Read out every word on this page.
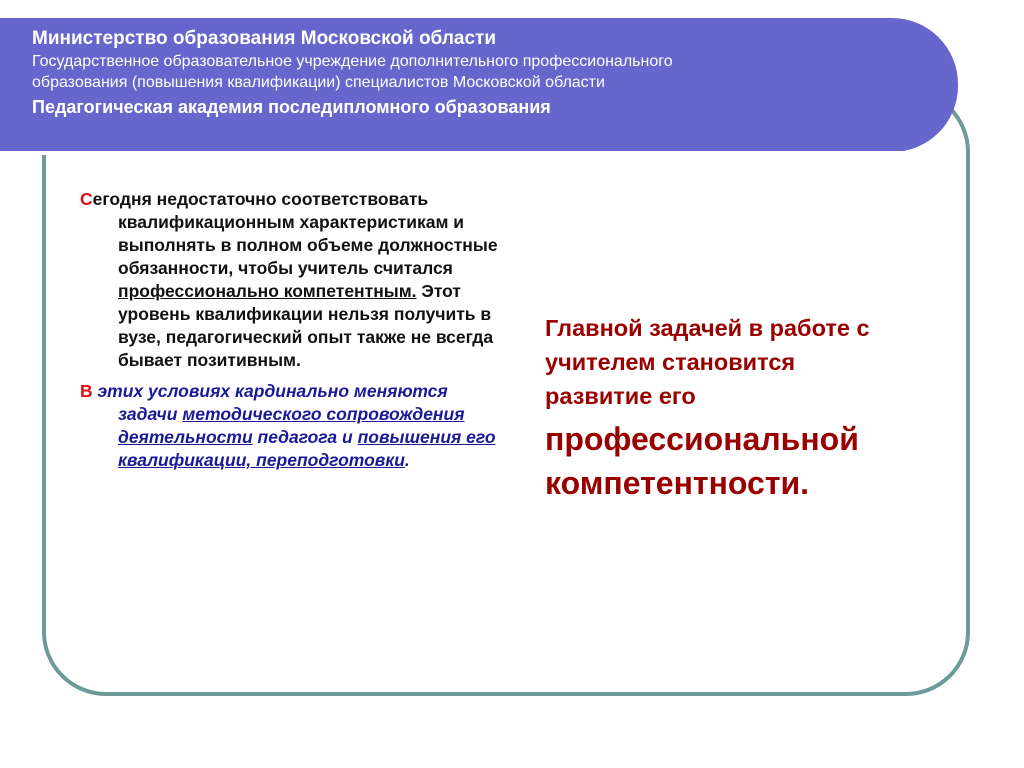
Министерство образования Московской области
Государственное образовательное учреждение дополнительного профессионального
образования (повышения квалификации) специалистов Московской области
Педагогическая академия последипломного образования
Сегодня недостаточно соответствовать квалификационным характеристикам и выполнять в полном объеме должностные обязанности, чтобы учитель считался профессионально компетентным. Этот уровень квалификации нельзя получить в вузе, педагогический опыт также не всегда бывает позитивным.
В этих условиях кардинально меняются задачи методического сопровождения деятельности педагога и повышения его квалификации, переподготовки.
Главной задачей в работе с
учителем становится
развитие его
профессиональной
компетентности.
